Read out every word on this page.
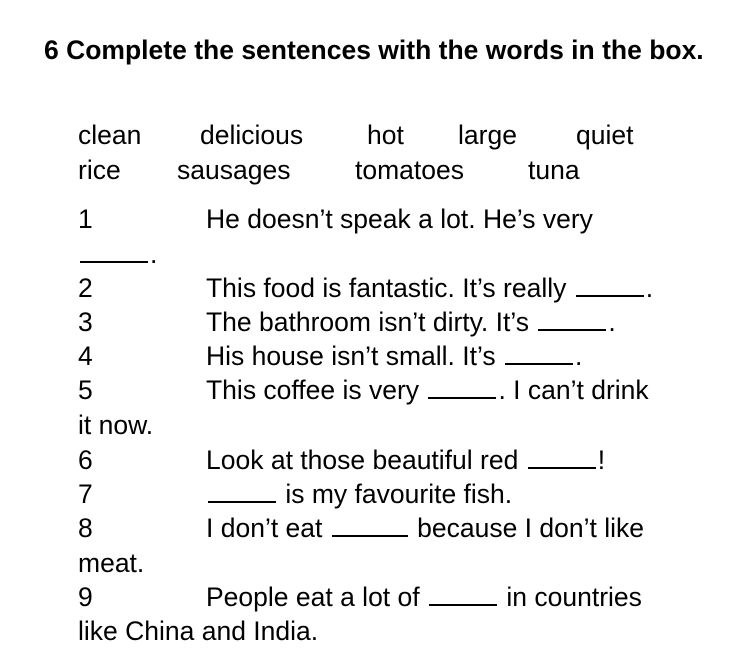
6 Complete the sentences with the words in the box.
clean delicious hot large quiet
rice sausages tomatoes tuna
1	He doesn’t speak a lot. He’s very
.
2	This food is fantastic. It’s really	.
3	The bathroom isn’t dirty. It’s	.
4	His house isn’t small. It’s	.
5	This coffee is very	. I can’t drink
it now.
6	Look at those beautiful red	!
7	is my favourite fish.
8	I don’t eat	because I don’t like
meat.
9	People eat a lot of	in countries
like China and India.
